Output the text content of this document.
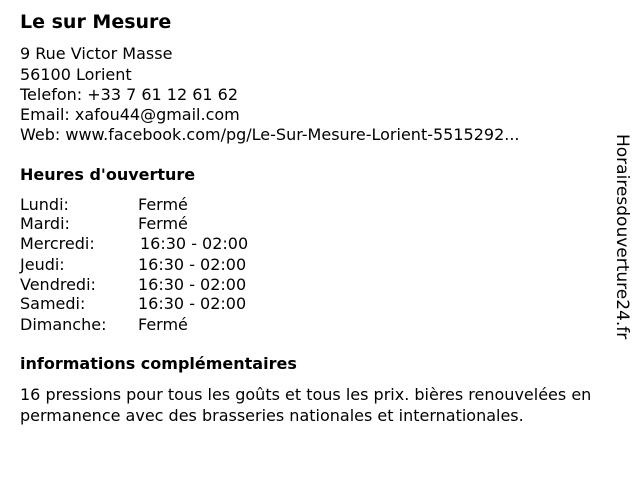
Le sur Mesure
9 Rue Victor Masse
56100 Lorient
Telefon: +33 7 61 12 61 62
Email: xafou44@gmail.com
Web: www.facebook.com/pg/Le-Sur-Mesure-Lorient-5515292...
Heures d'ouverture
Lundi:	Fermé
Mardi:	Fermé
Mercredi:	16:30 - 02:00
Jeudi:	16:30 - 02:00
Vendredi:	16:30 - 02:00
Samedi:	16:30 - 02:00
Dimanche: Fermé
informations complémentaires
16 pressions pour tous les goûts et tous les prix. bières renouvelées en permanence avec des brasseries nationales et internationales.
Horairesdouverture24.fr
